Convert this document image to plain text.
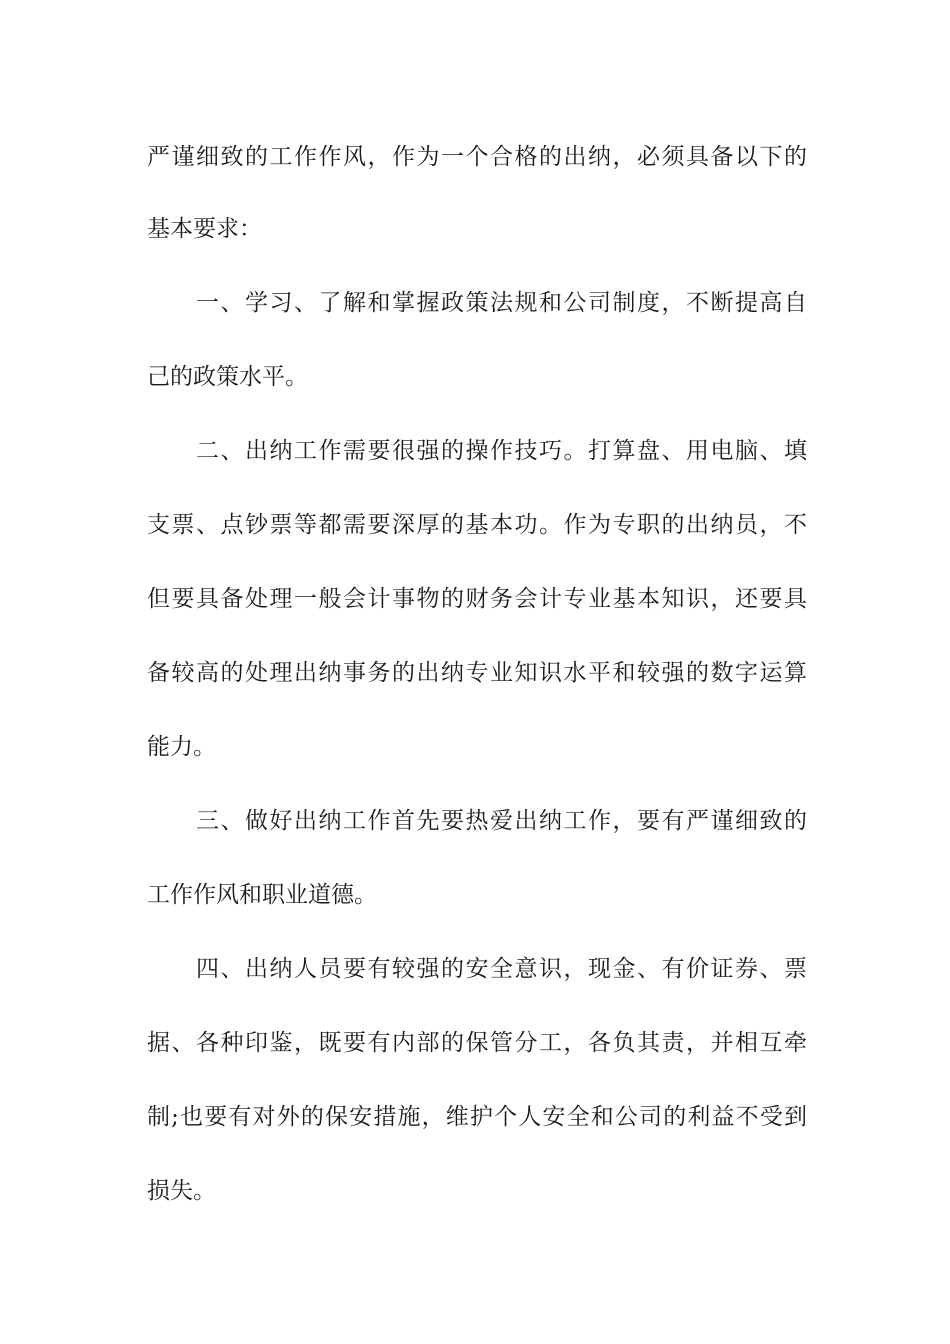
严谨细致的工作作风，作为一个合格的出纳，必须具备以下的
基本要求：
一、学习、了解和掌握政策法规和公司制度，不断提高自
己的政策水平。
二、出纳工作需要很强的操作技巧。打算盘、用电脑、填
支票、点钞票等都需要深厚的基本功。作为专职的出纳员，不
但要具备处理一般会计事物的财务会计专业基本知识，还要具
备较高的处理出纳事务的出纳专业知识水平和较强的数字运算
能力。
三、做好出纳工作首先要热爱出纳工作，要有严谨细致的
工作作风和职业道德。
四、出纳人员要有较强的安全意识，现金、有价证券、票
据、各种印鉴，既要有内部的保管分工，各负其责，并相互牵
制;也要有对外的保安措施，维护个人安全和公司的利益不受到
损失。
